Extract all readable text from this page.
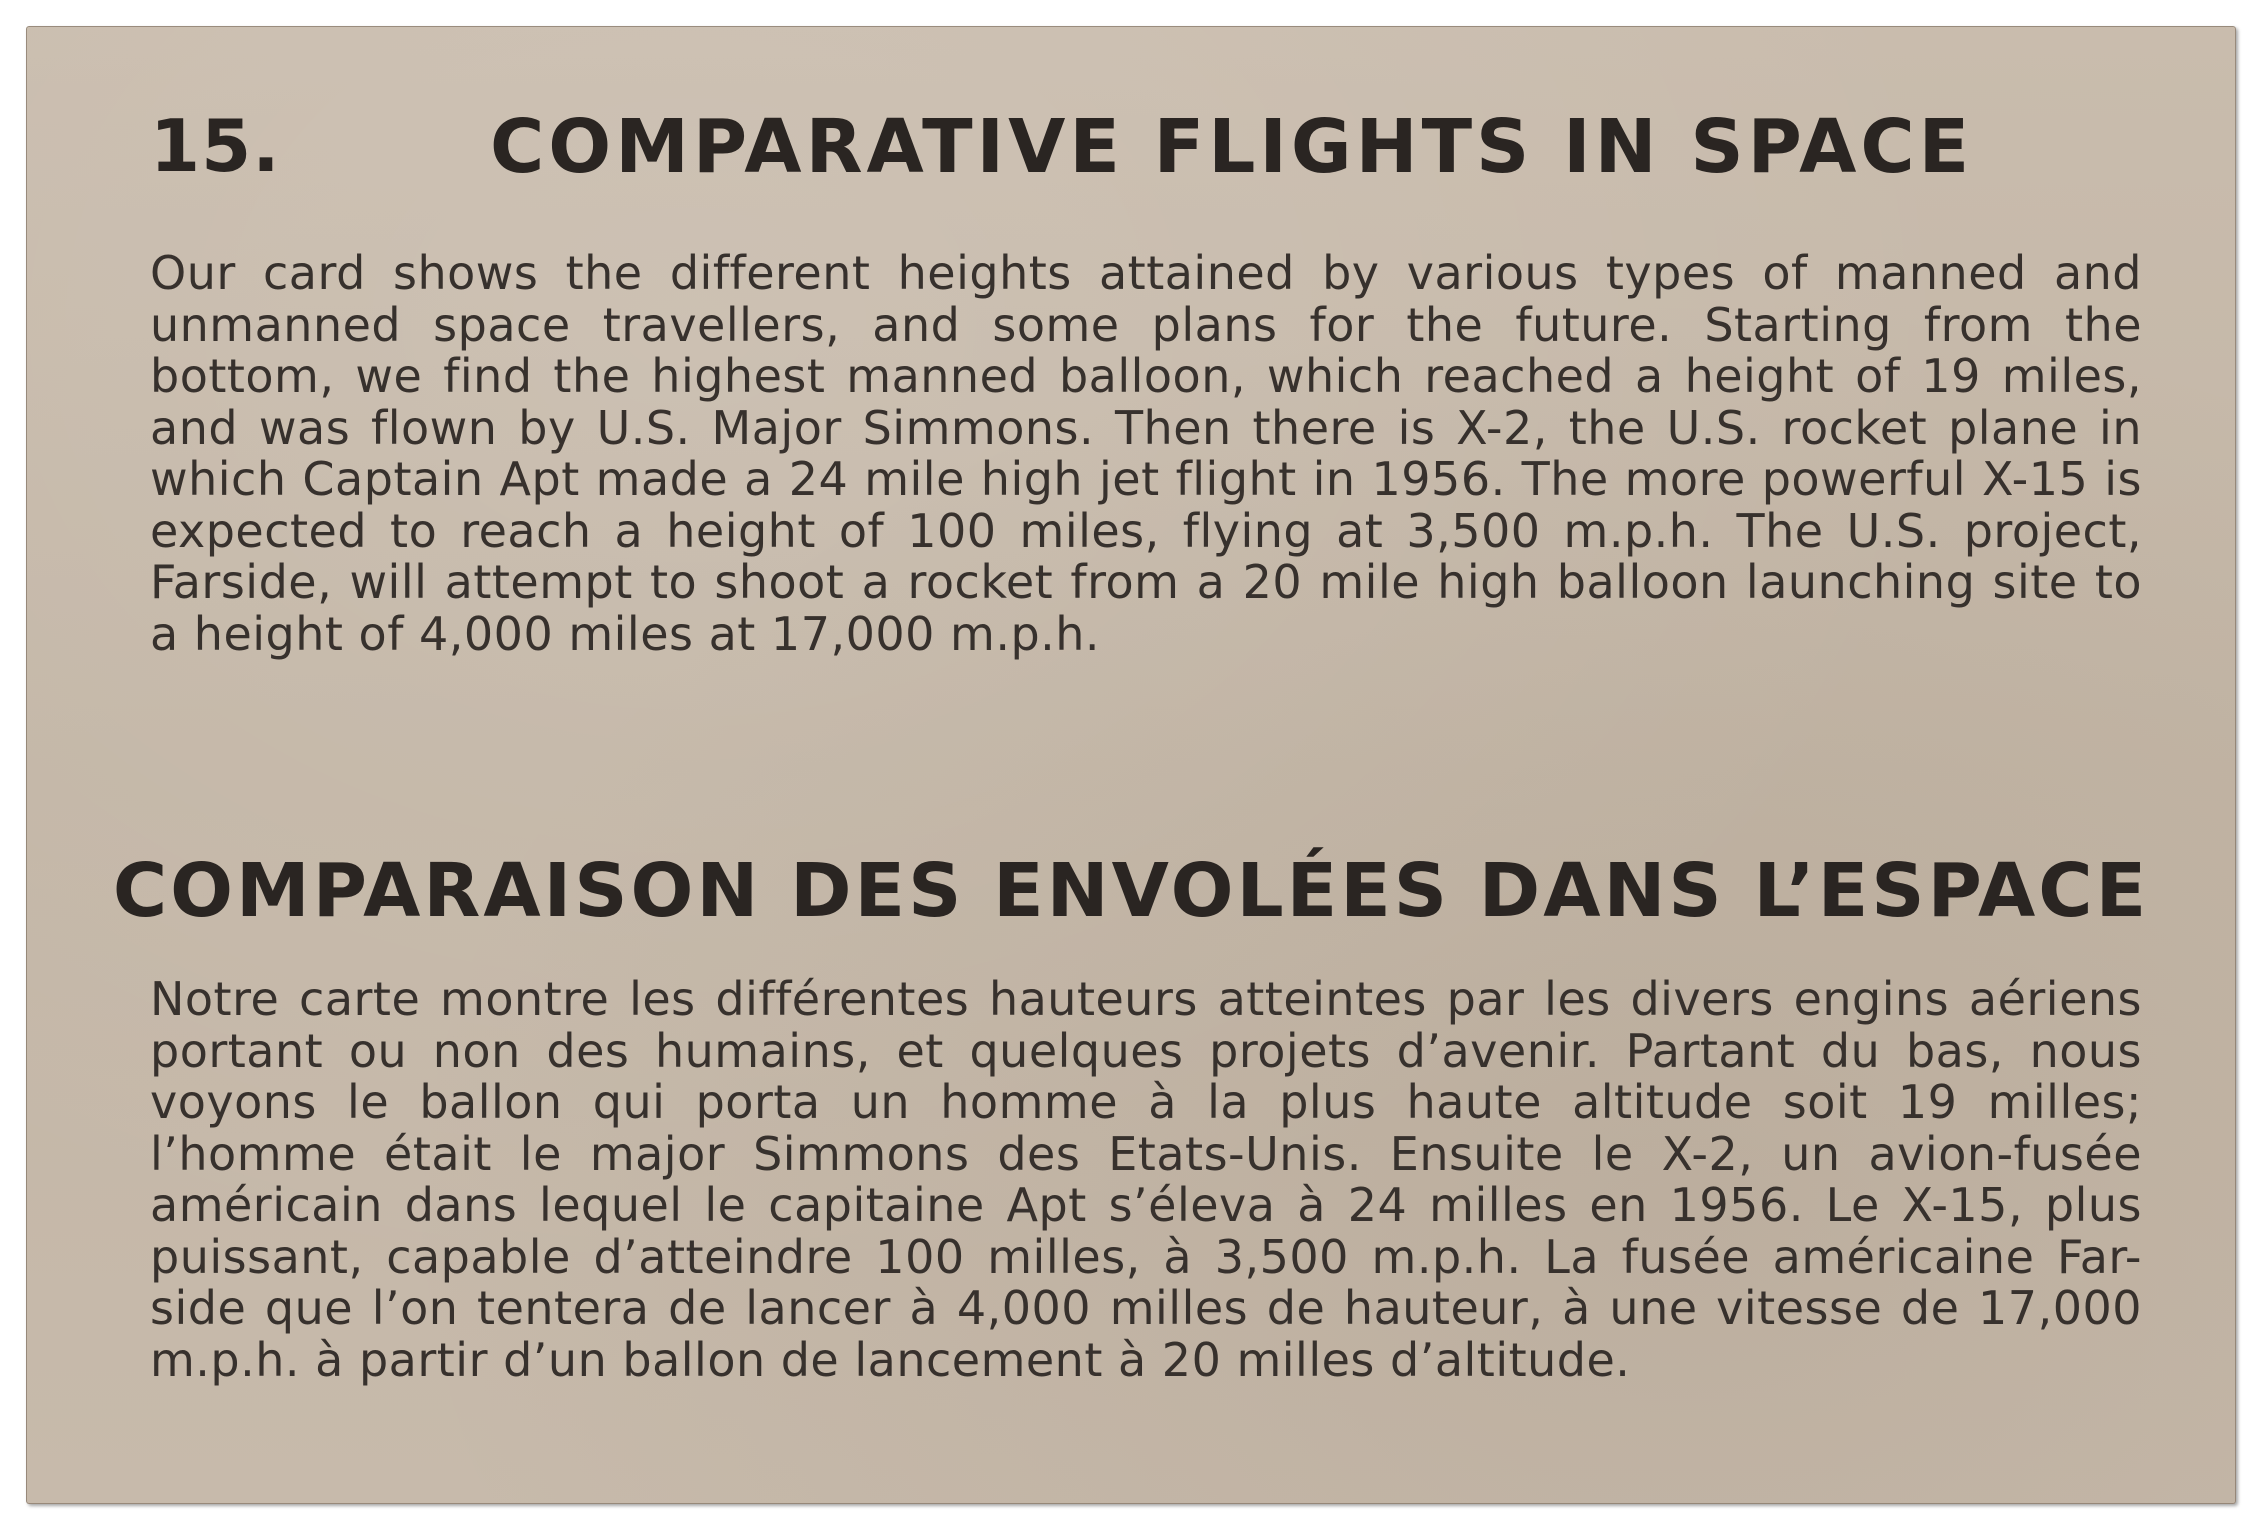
15.	COMPARATIVE FLIGHTS IN SPACE

Our card shows the different heights attained by various types of manned and unmanned space travellers, and some plans for the future. Starting from the bottom, we find the highest manned balloon, which reached a height of 19 miles, and was flown by U.S. Major Simmons. Then there is X-2, the U.S. rocket plane in which Captain Apt made a 24 mile high jet flight in 1956. The more powerful X-15 is expected to reach a height of 100 miles, flying at 3,500 m.p.h. The U.S. project, Farside, will attempt to shoot a rocket from a 20 mile high balloon launching site to a height of 4,000 miles at 17,000 m.p.h.

COMPARAISON DES ENVOLÉES DANS L’ESPACE

Notre carte montre les différentes hauteurs atteintes par les divers engins aériens portant ou non des humains, et quelques projets d’avenir. Partant du bas, nous voyons le ballon qui porta un homme à la plus haute altitude soit 19 milles; l’homme était le major Simmons des Etats-Unis. Ensuite le X-2, un avion-fusée américain dans lequel le capitaine Apt s’éleva à 24 milles en 1956. Le X-15, plus puissant, capable d’atteindre 100 milles, à 3,500 m.p.h. La fusée américaine Far-side que l’on tentera de lancer à 4,000 milles de hauteur, à une vitesse de 17,000 m.p.h. à partir d’un ballon de lancement à 20 milles d’altitude.
